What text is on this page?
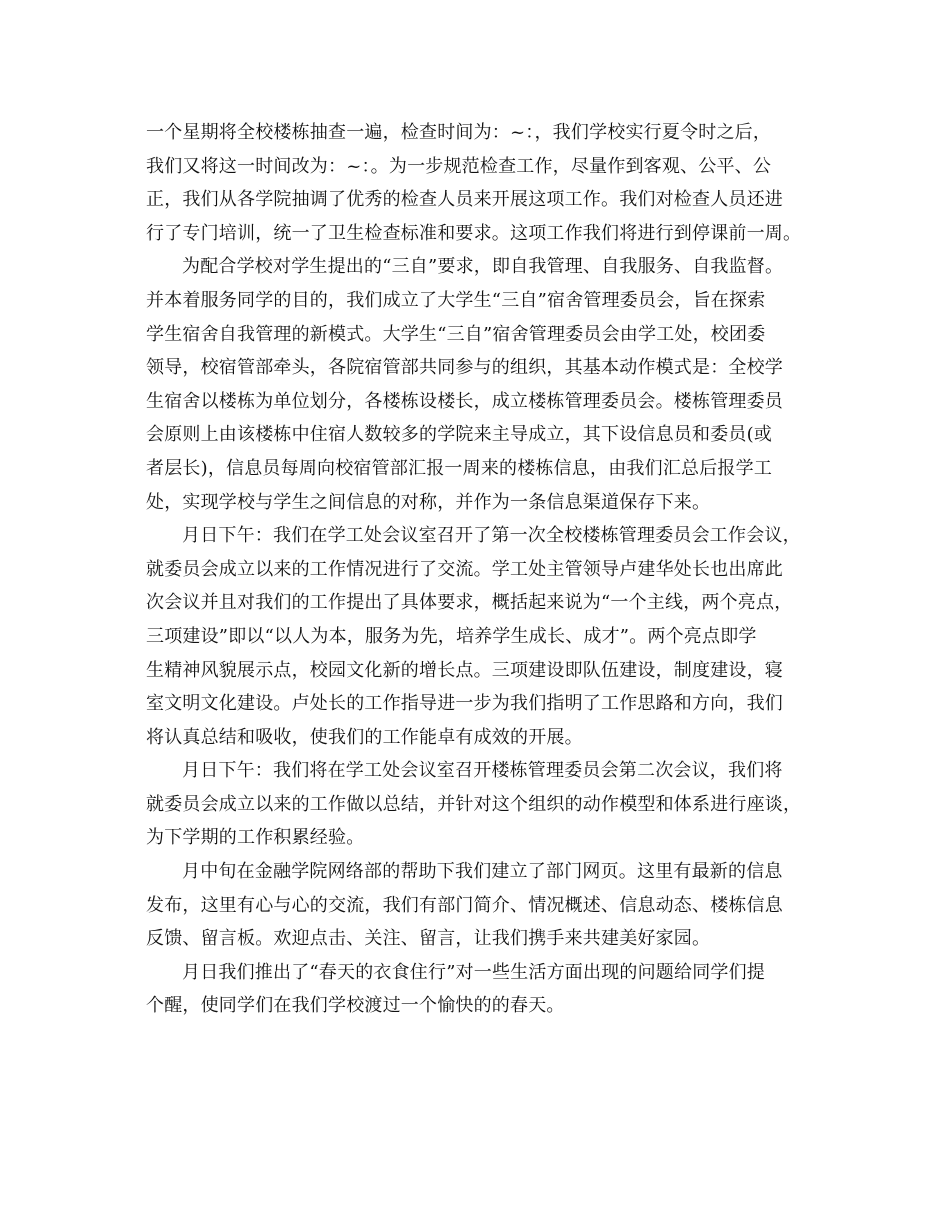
一个星期将全校楼栋抽查一遍，检查时间为：~：，我们学校实行夏令时之后，
我们又将这一时间改为：~：。为一步规范检查工作，尽量作到客观、公平、公
正，我们从各学院抽调了优秀的检查人员来开展这项工作。我们对检查人员还进
行了专门培训，统一了卫生检查标准和要求。这项工作我们将进行到停课前一周。
为配合学校对学生提出的“三自”要求，即自我管理、自我服务、自我监督。
并本着服务同学的目的，我们成立了大学生“三自”宿舍管理委员会，旨在探索
学生宿舍自我管理的新模式。大学生“三自”宿舍管理委员会由学工处，校团委
领导，校宿管部牵头，各院宿管部共同参与的组织，其基本动作模式是：全校学
生宿舍以楼栋为单位划分，各楼栋设楼长，成立楼栋管理委员会。楼栋管理委员
会原则上由该楼栋中住宿人数较多的学院来主导成立，其下设信息员和委员(或
者层长)，信息员每周向校宿管部汇报一周来的楼栋信息，由我们汇总后报学工
处，实现学校与学生之间信息的对称，并作为一条信息渠道保存下来。
月日下午：我们在学工处会议室召开了第一次全校楼栋管理委员会工作会议，
就委员会成立以来的工作情况进行了交流。学工处主管领导卢建华处长也出席此
次会议并且对我们的工作提出了具体要求，概括起来说为“一个主线，两个亮点，
三项建设”即以“以人为本，服务为先，培养学生成长、成才”。两个亮点即学
生精神风貌展示点，校园文化新的增长点。三项建设即队伍建设，制度建设，寝
室文明文化建设。卢处长的工作指导进一步为我们指明了工作思路和方向，我们
将认真总结和吸收，使我们的工作能卓有成效的开展。
月日下午：我们将在学工处会议室召开楼栋管理委员会第二次会议，我们将
就委员会成立以来的工作做以总结，并针对这个组织的动作模型和体系进行座谈，
为下学期的工作积累经验。
月中旬在金融学院网络部的帮助下我们建立了部门网页。这里有最新的信息
发布，这里有心与心的交流，我们有部门简介、情况概述、信息动态、楼栋信息
反馈、留言板。欢迎点击、关注、留言，让我们携手来共建美好家园。
月日我们推出了“春天的衣食住行”对一些生活方面出现的问题给同学们提
个醒，使同学们在我们学校渡过一个愉快的的春天。
